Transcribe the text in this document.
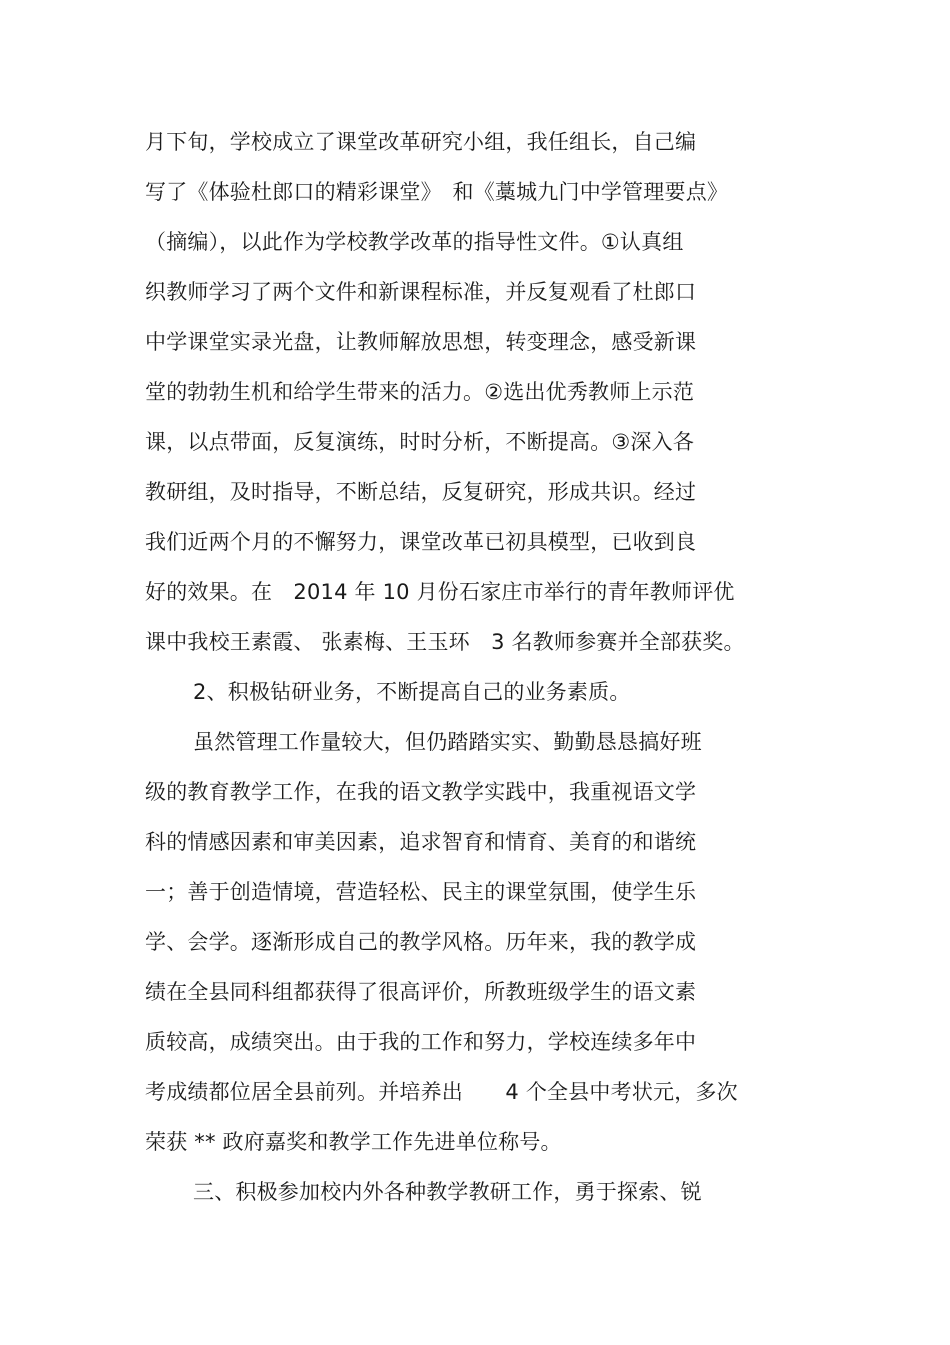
月下旬，学校成立了课堂改革研究小组，我任组长，自己编
写了《体验杜郎口的精彩课堂》　和《藁城九门中学管理要点》
（摘编），以此作为学校教学改革的指导性文件。①认真组
织教师学习了两个文件和新课程标准，并反复观看了杜郎口
中学课堂实录光盘，让教师解放思想，转变理念，感受新课
堂的勃勃生机和给学生带来的活力。②选出优秀教师上示范
课，以点带面，反复演练，时时分析，不断提高。③深入各
教研组，及时指导，不断总结，反复研究，形成共识。经过
我们近两个月的不懈努力，课堂改革已初具模型，已收到良
好的效果。在　2014 年 10 月份石家庄市举行的青年教师评优
课中我校王素霞、 张素梅、王玉环　3 名教师参赛并全部获奖。
2、积极钻研业务，不断提高自己的业务素质。
虽然管理工作量较大，但仍踏踏实实、勤勤恳恳搞好班
级的教育教学工作，在我的语文教学实践中，我重视语文学
科的情感因素和审美因素，追求智育和情育、美育的和谐统
一；善于创造情境，营造轻松、民主的课堂氛围，使学生乐
学、会学。逐渐形成自己的教学风格。历年来，我的教学成
绩在全县同科组都获得了很高评价，所教班级学生的语文素
质较高，成绩突出。由于我的工作和努力，学校连续多年中
考成绩都位居全县前列。并培养出　　4 个全县中考状元，多次
荣获 ** 政府嘉奖和教学工作先进单位称号。
三、积极参加校内外各种教学教研工作，勇于探索、锐
